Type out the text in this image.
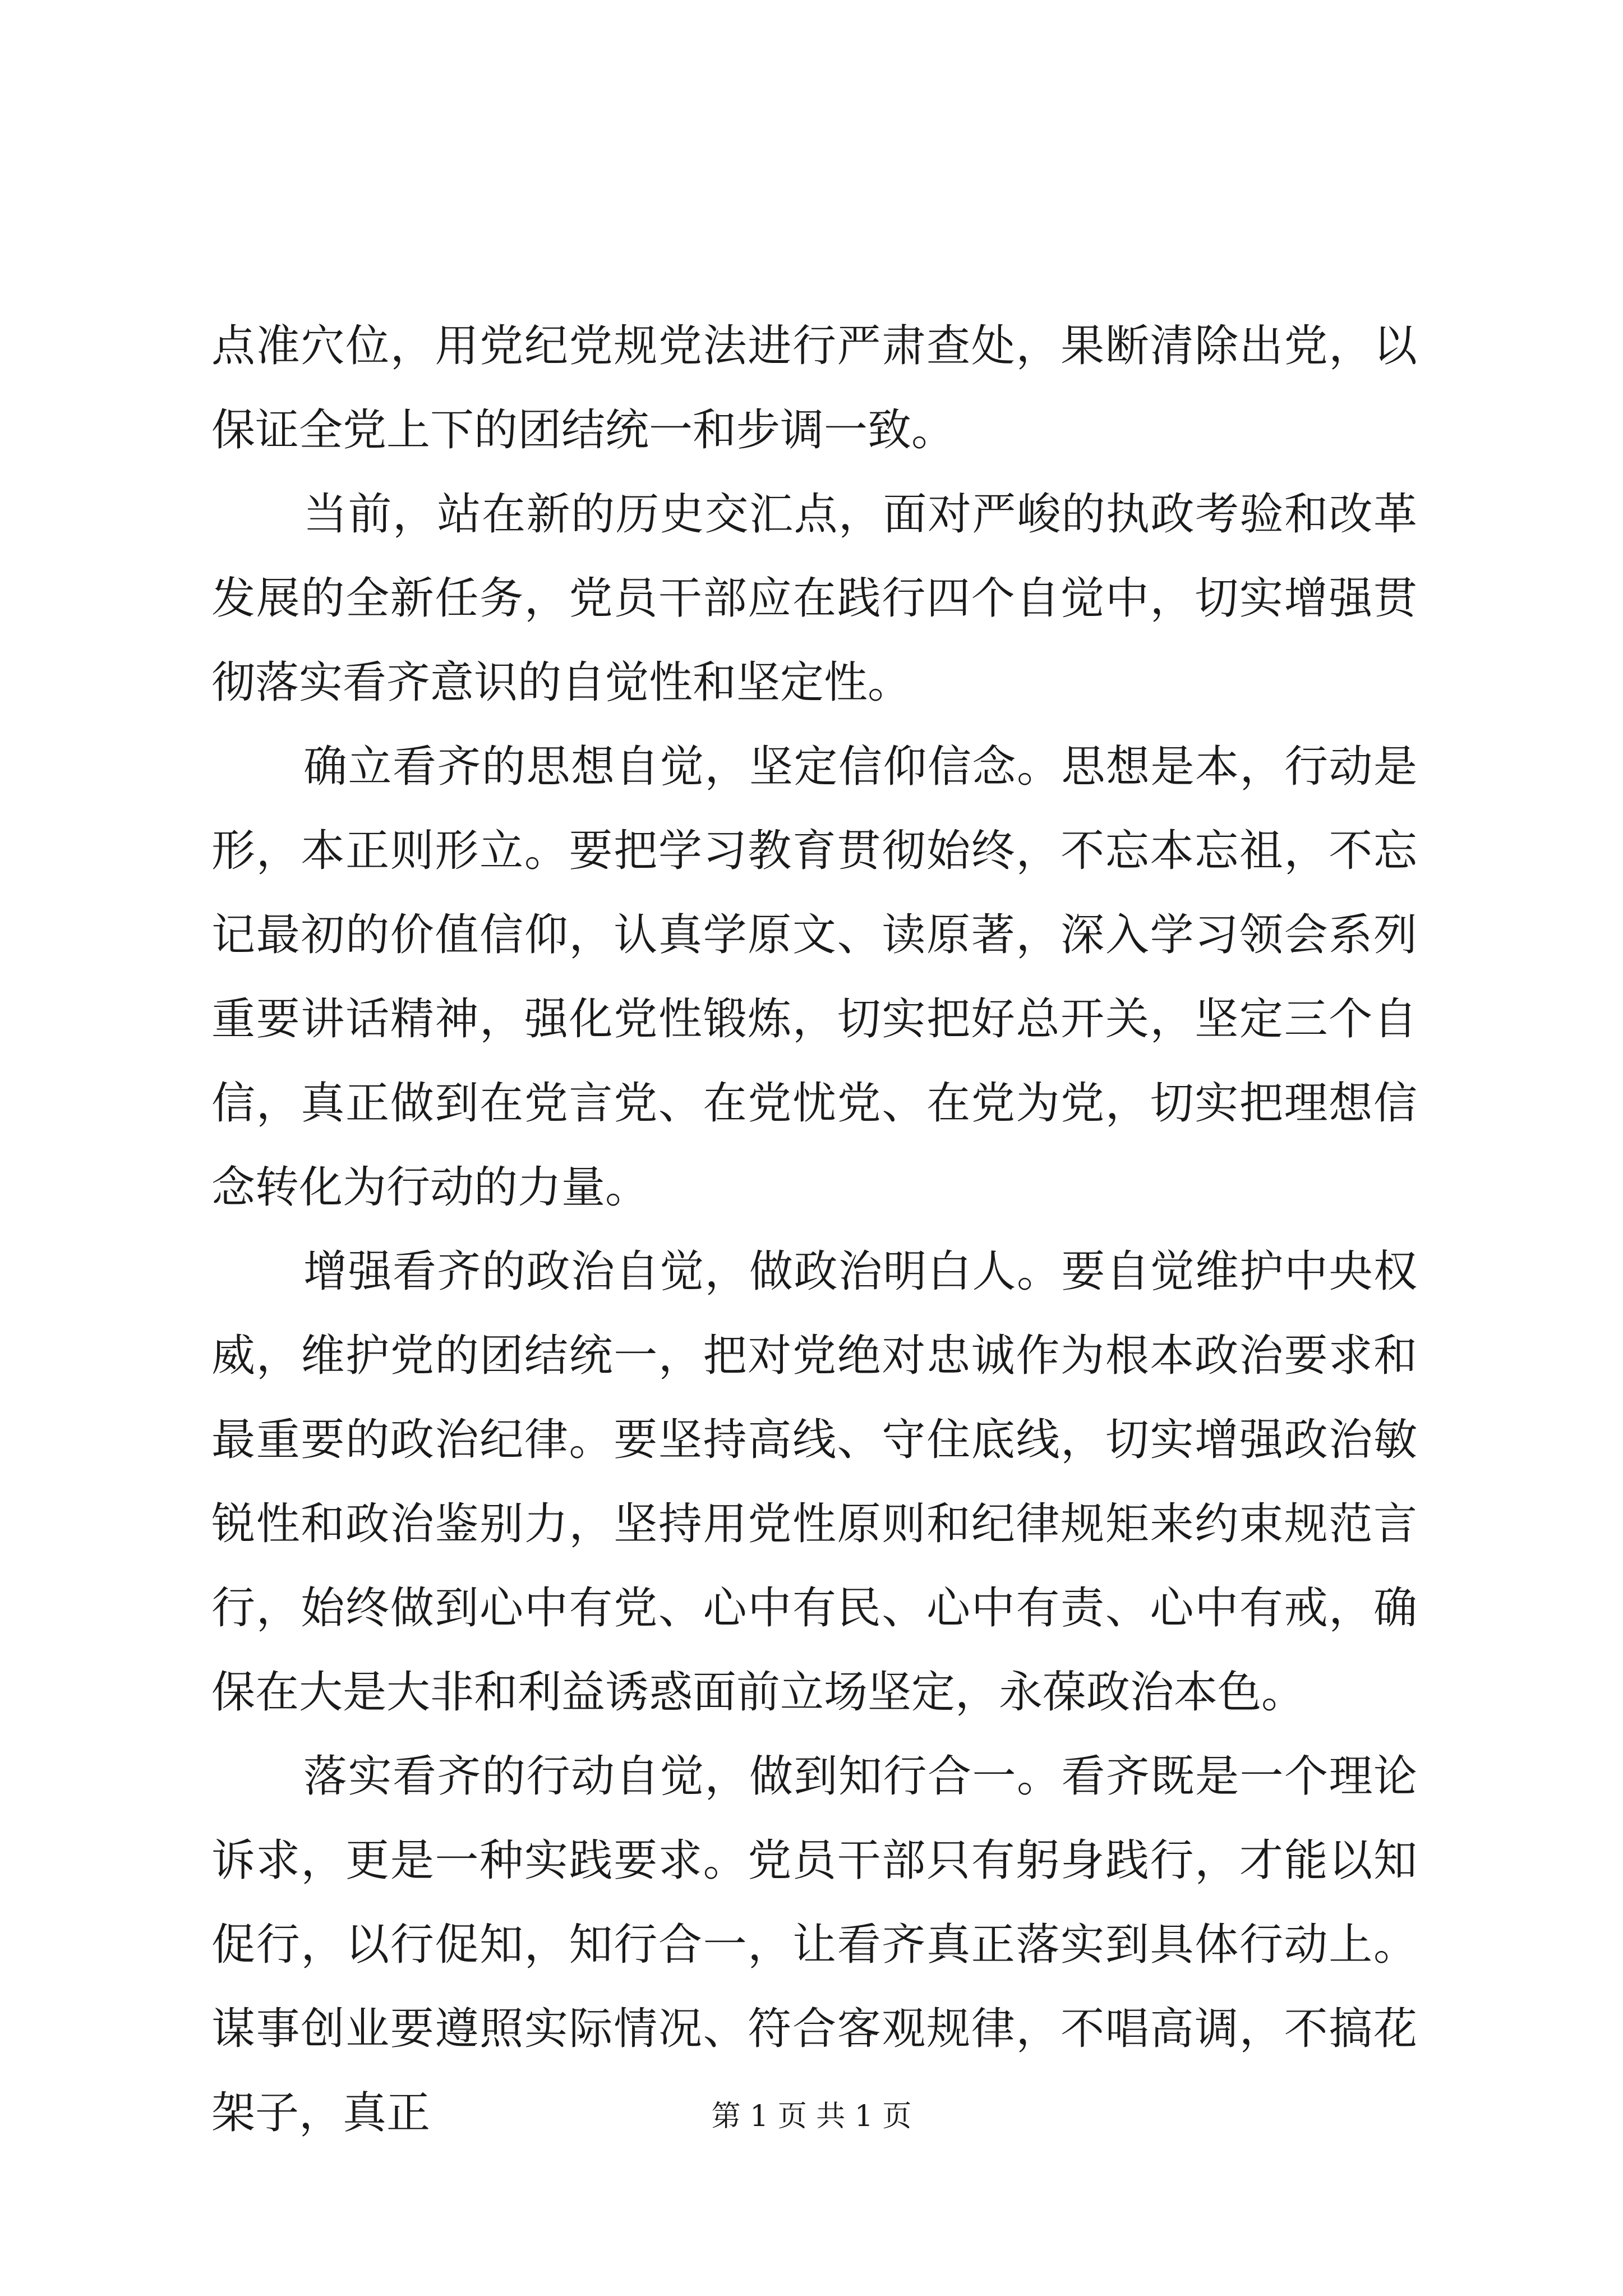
点准穴位，用党纪党规党法进行严肃查处，果断清除出党，以保证全党上下的团结统一和步调一致。

当前，站在新的历史交汇点，面对严峻的执政考验和改革发展的全新任务，党员干部应在践行四个自觉中，切实增强贯彻落实看齐意识的自觉性和坚定性。

确立看齐的思想自觉，坚定信仰信念。思想是本，行动是形，本正则形立。要把学习教育贯彻始终，不忘本忘祖，不忘记最初的价值信仰，认真学原文、读原著，深入学习领会系列重要讲话精神，强化党性锻炼，切实把好总开关，坚定三个自信，真正做到在党言党、在党忧党、在党为党，切实把理想信念转化为行动的力量。

增强看齐的政治自觉，做政治明白人。要自觉维护中央权威，维护党的团结统一，把对党绝对忠诚作为根本政治要求和最重要的政治纪律。要坚持高线、守住底线，切实增强政治敏锐性和政治鉴别力，坚持用党性原则和纪律规矩来约束规范言行，始终做到心中有党、心中有民、心中有责、心中有戒，确保在大是大非和利益诱惑面前立场坚定，永葆政治本色。

落实看齐的行动自觉，做到知行合一。看齐既是一个理论诉求，更是一种实践要求。党员干部只有躬身践行，才能以知促行，以行促知，知行合一，让看齐真正落实到具体行动上。谋事创业要遵照实际情况、符合客观规律，不唱高调，不搞花架子，真正	第 1 页 共 1 页
